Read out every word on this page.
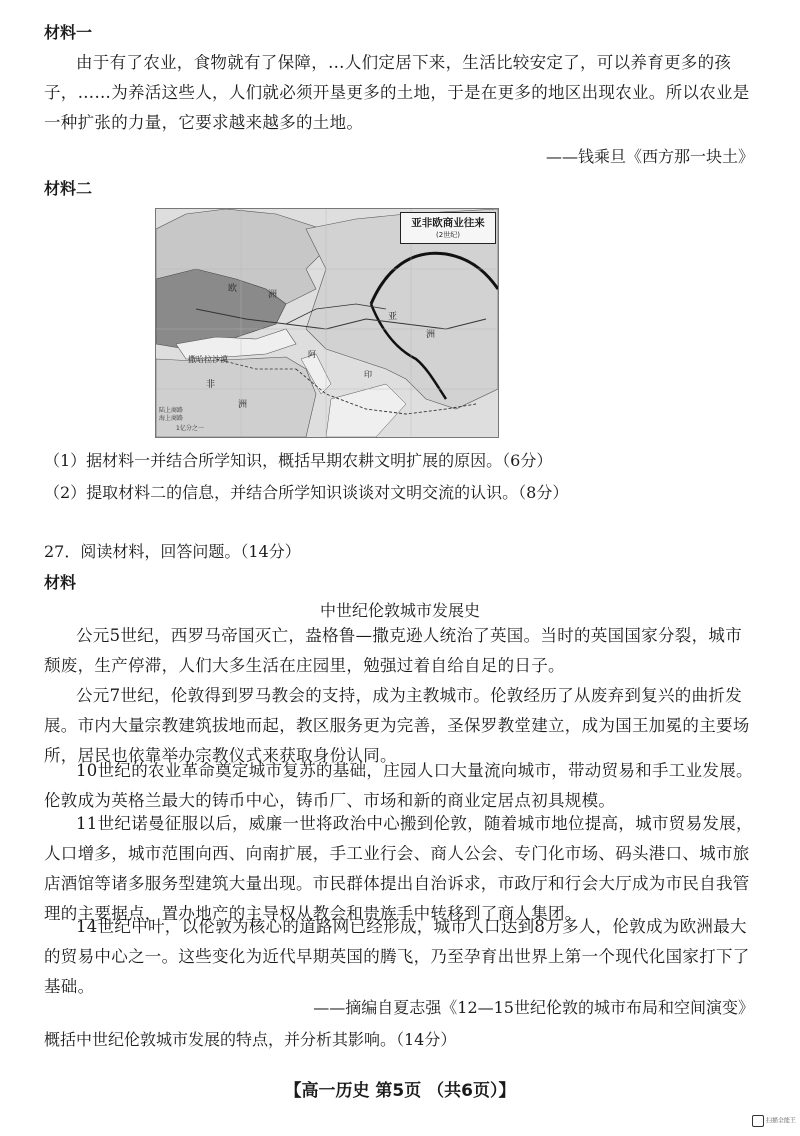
材料一

由于有了农业，食物就有了保障，…人们定居下来，生活比较安定了，可以养育更多的孩子，……为养活这些人，人们就必须开垦更多的土地，于是在更多的地区出现农业。所以农业是一种扩张的力量，它要求越来越多的土地。

——钱乘旦《西方那一块土》
材料二
亚非欧商业往来
(2世纪)
欧
洲
亚
洲
非
洲
撒哈拉沙漠
阿
印
陆上商路
海上商路
1亿分之一
（1）据材料一并结合所学知识，概括早期农耕文明扩展的原因。（6分）
（2）提取材料二的信息，并结合所学知识谈谈对文明交流的认识。（8分）
27．阅读材料，回答问题。（14分）
材料
中世纪伦敦城市发展史

公元5世纪，西罗马帝国灭亡，盎格鲁—撒克逊人统治了英国。当时的英国国家分裂，城市颓废，生产停滞，人们大多生活在庄园里，勉强过着自给自足的日子。

公元7世纪，伦敦得到罗马教会的支持，成为主教城市。伦敦经历了从废弃到复兴的曲折发展。市内大量宗教建筑拔地而起，教区服务更为完善，圣保罗教堂建立，成为国王加冕的主要场所，居民也依靠举办宗教仪式来获取身份认同。

10世纪的农业革命奠定城市复苏的基础，庄园人口大量流向城市，带动贸易和手工业发展。伦敦成为英格兰最大的铸币中心，铸币厂、市场和新的商业定居点初具规模。

11世纪诺曼征服以后，威廉一世将政治中心搬到伦敦，随着城市地位提高，城市贸易发展，人口增多，城市范围向西、向南扩展，手工业行会、商人公会、专门化市场、码头港口、城市旅店酒馆等诸多服务型建筑大量出现。市民群体提出自治诉求，市政厅和行会大厅成为市民自我管理的主要据点，置办地产的主导权从教会和贵族手中转移到了商人集团。

14世纪中叶，以伦敦为核心的道路网已经形成，城市人口达到8万多人，伦敦成为欧洲最大的贸易中心之一。这些变化为近代早期英国的腾飞，乃至孕育出世界上第一个现代化国家打下了基础。

——摘编自夏志强《12—15世纪伦敦的城市布局和空间演变》
概括中世纪伦敦城市发展的特点，并分析其影响。（14分）
【高一历史 第5页 （共6页）】
扫描全能王
